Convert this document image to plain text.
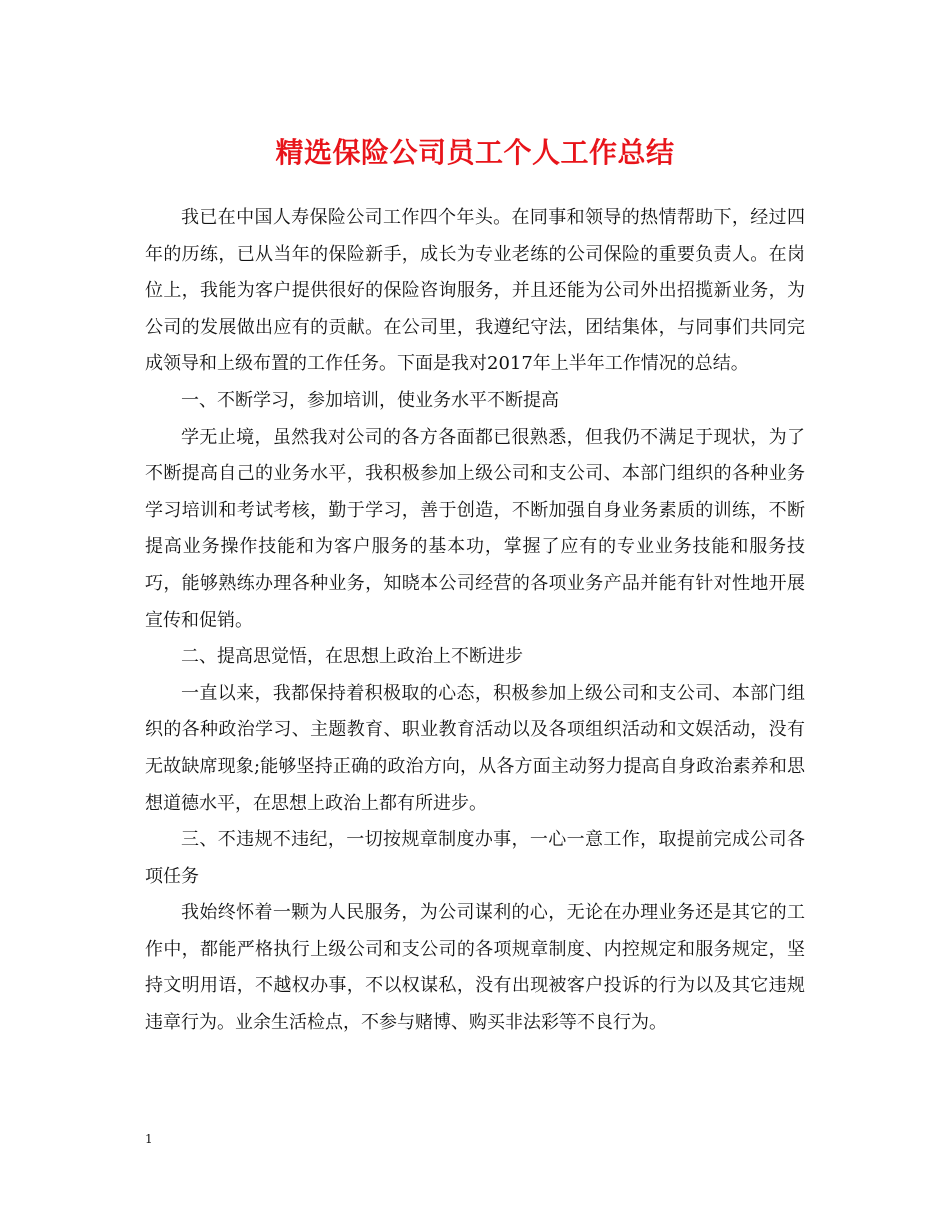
精选保险公司员工个人工作总结

我已在中国人寿保险公司工作四个年头。在同事和领导的热情帮助下，经过四年的历练，已从当年的保险新手，成长为专业老练的公司保险的重要负责人。在岗位上，我能为客户提供很好的保险咨询服务，并且还能为公司外出招揽新业务，为公司的发展做出应有的贡献。在公司里，我遵纪守法，团结集体，与同事们共同完成领导和上级布置的工作任务。下面是我对2017年上半年工作情况的总结。

一、不断学习，参加培训，使业务水平不断提高

学无止境，虽然我对公司的各方各面都已很熟悉，但我仍不满足于现状，为了不断提高自己的业务水平，我积极参加上级公司和支公司、本部门组织的各种业务学习培训和考试考核，勤于学习，善于创造，不断加强自身业务素质的训练，不断提高业务操作技能和为客户服务的基本功，掌握了应有的专业业务技能和服务技巧，能够熟练办理各种业务，知晓本公司经营的各项业务产品并能有针对性地开展宣传和促销。

二、提高思觉悟，在思想上政治上不断进步

一直以来，我都保持着积极取的心态，积极参加上级公司和支公司、本部门组织的各种政治学习、主题教育、职业教育活动以及各项组织活动和文娱活动，没有无故缺席现象;能够坚持正确的政治方向，从各方面主动努力提高自身政治素养和思想道德水平，在思想上政治上都有所进步。

三、不违规不违纪，一切按规章制度办事，一心一意工作，取提前完成公司各项任务

我始终怀着一颗为人民服务，为公司谋利的心，无论在办理业务还是其它的工作中，都能严格执行上级公司和支公司的各项规章制度、内控规定和服务规定，坚持文明用语，不越权办事，不以权谋私，没有出现被客户投诉的行为以及其它违规违章行为。业余生活检点，不参与赌博、购买非法彩等不良行为。

1
